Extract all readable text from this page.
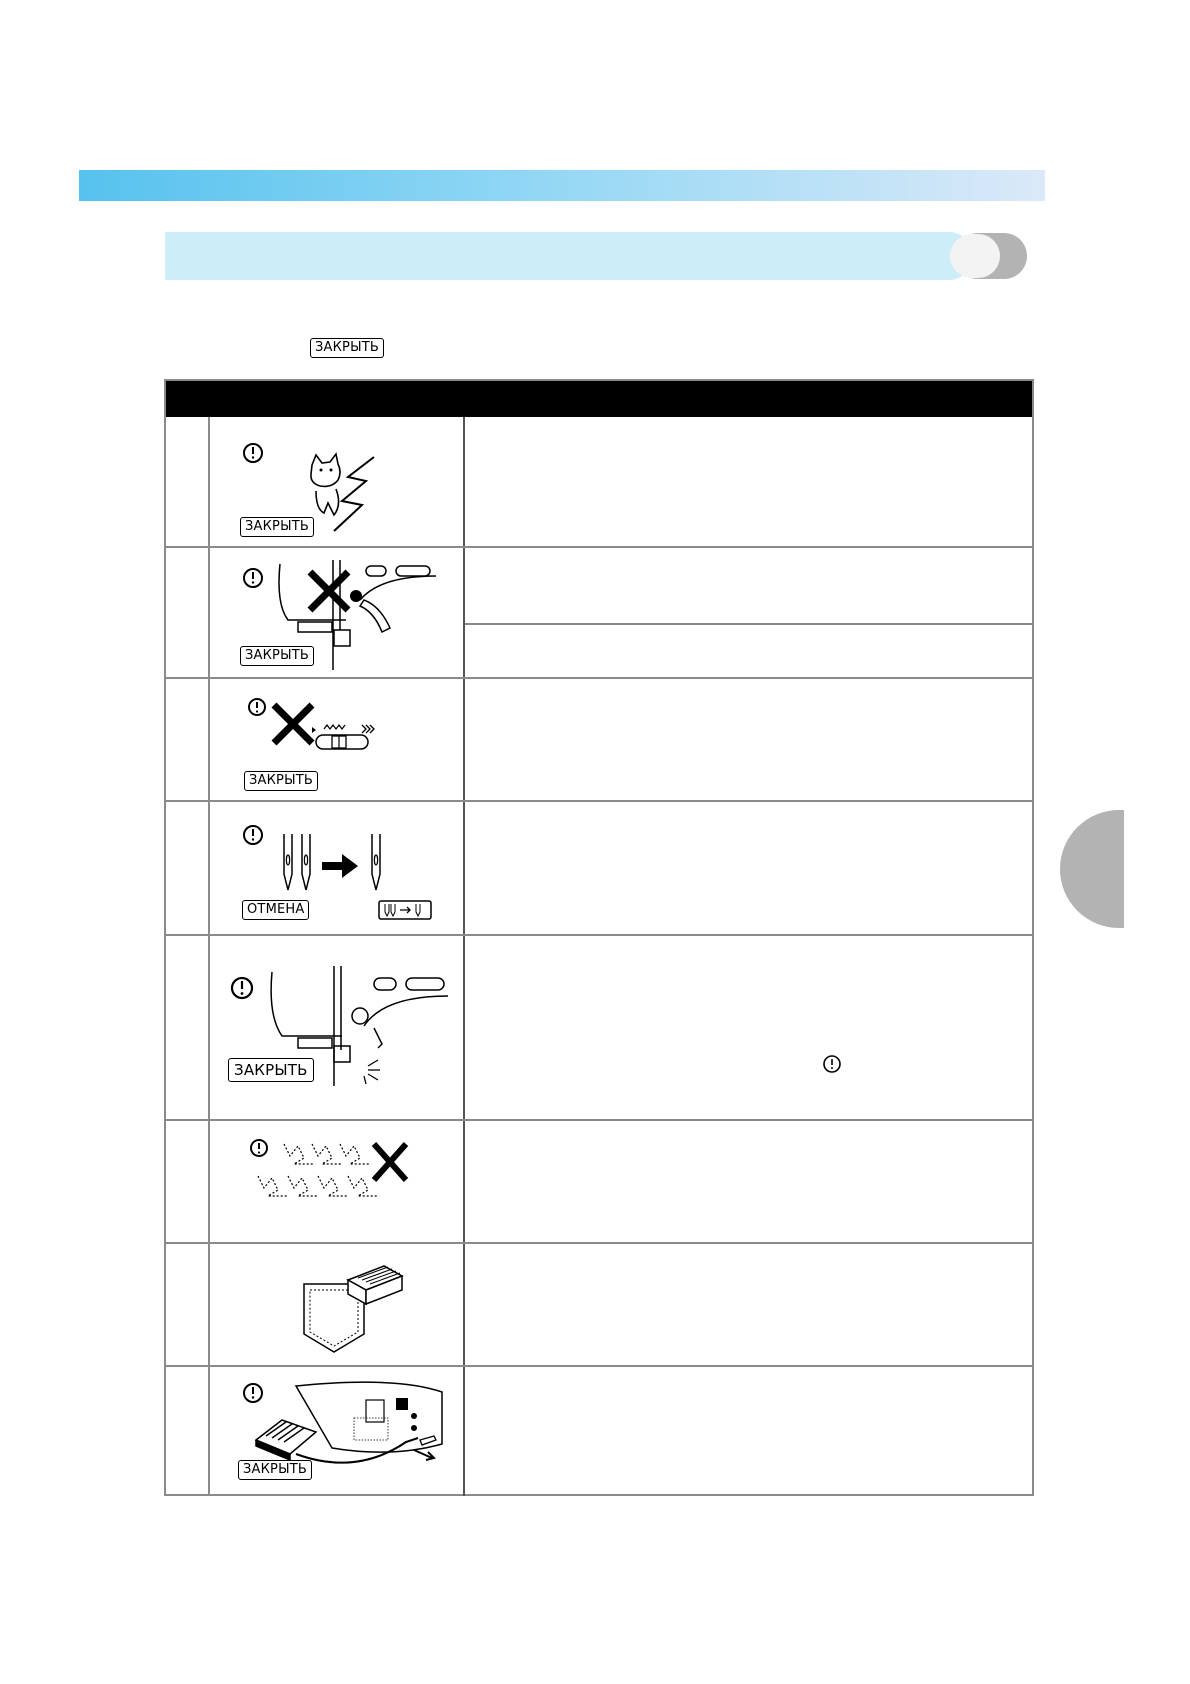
ЗАКРЫТЬ
ЗАКРЫТЬ
ЗАКРЫТЬ
ЗАКРЫТЬ
ОТМЕНА
ЗАКРЫТЬ
ЗАКРЫТЬ
